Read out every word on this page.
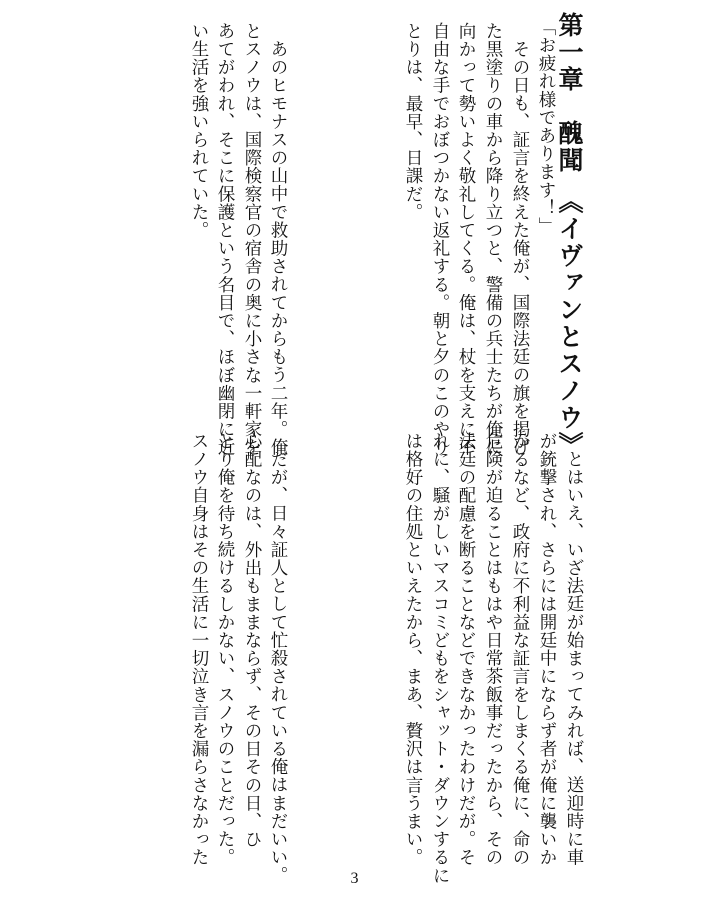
第一章　醜聞　《イヴァンとスノウ》
「お疲れ様であります！」
その日も、証言を終えた俺が、国際法廷の旗を掲げ
た黒塗りの車から降り立つと、警備の兵士たちが俺に
向かって勢いよく敬礼してくる。俺は、杖を支えに不
自由な手でおぼつかない返礼する。朝と夕のこのやり
とりは、最早、日課だ。
あのヒモナスの山中で救助されてからもう二年。俺
とスノウは、国際検察官の宿舎の奥に小さな一軒家を
あてがわれ、そこに保護という名目で、ほぼ幽閉に近
い生活を強いられていた。
とはいえ、いざ法廷が始まってみれば、送迎時に車
が銃撃され、さらには開廷中にならず者が俺に襲いか
かるなど、政府に不利益な証言をしまくる俺に、命の
危険が迫ることはもはや日常茶飯事だったから、その
法廷の配慮を断ることなどできなかったわけだが。そ
れに、騒がしいマスコミどもをシャット・ダウンするに
は格好の住処といえたから、まあ、贅沢は言うまい。
だが、日々証人として忙殺されている俺はまだいい。
心配なのは、外出もままならず、その日その日、ひ
とり俺を待ち続けるしかない、スノウのことだった。
スノウ自身はその生活に一切泣き言を漏らさなかった
3
